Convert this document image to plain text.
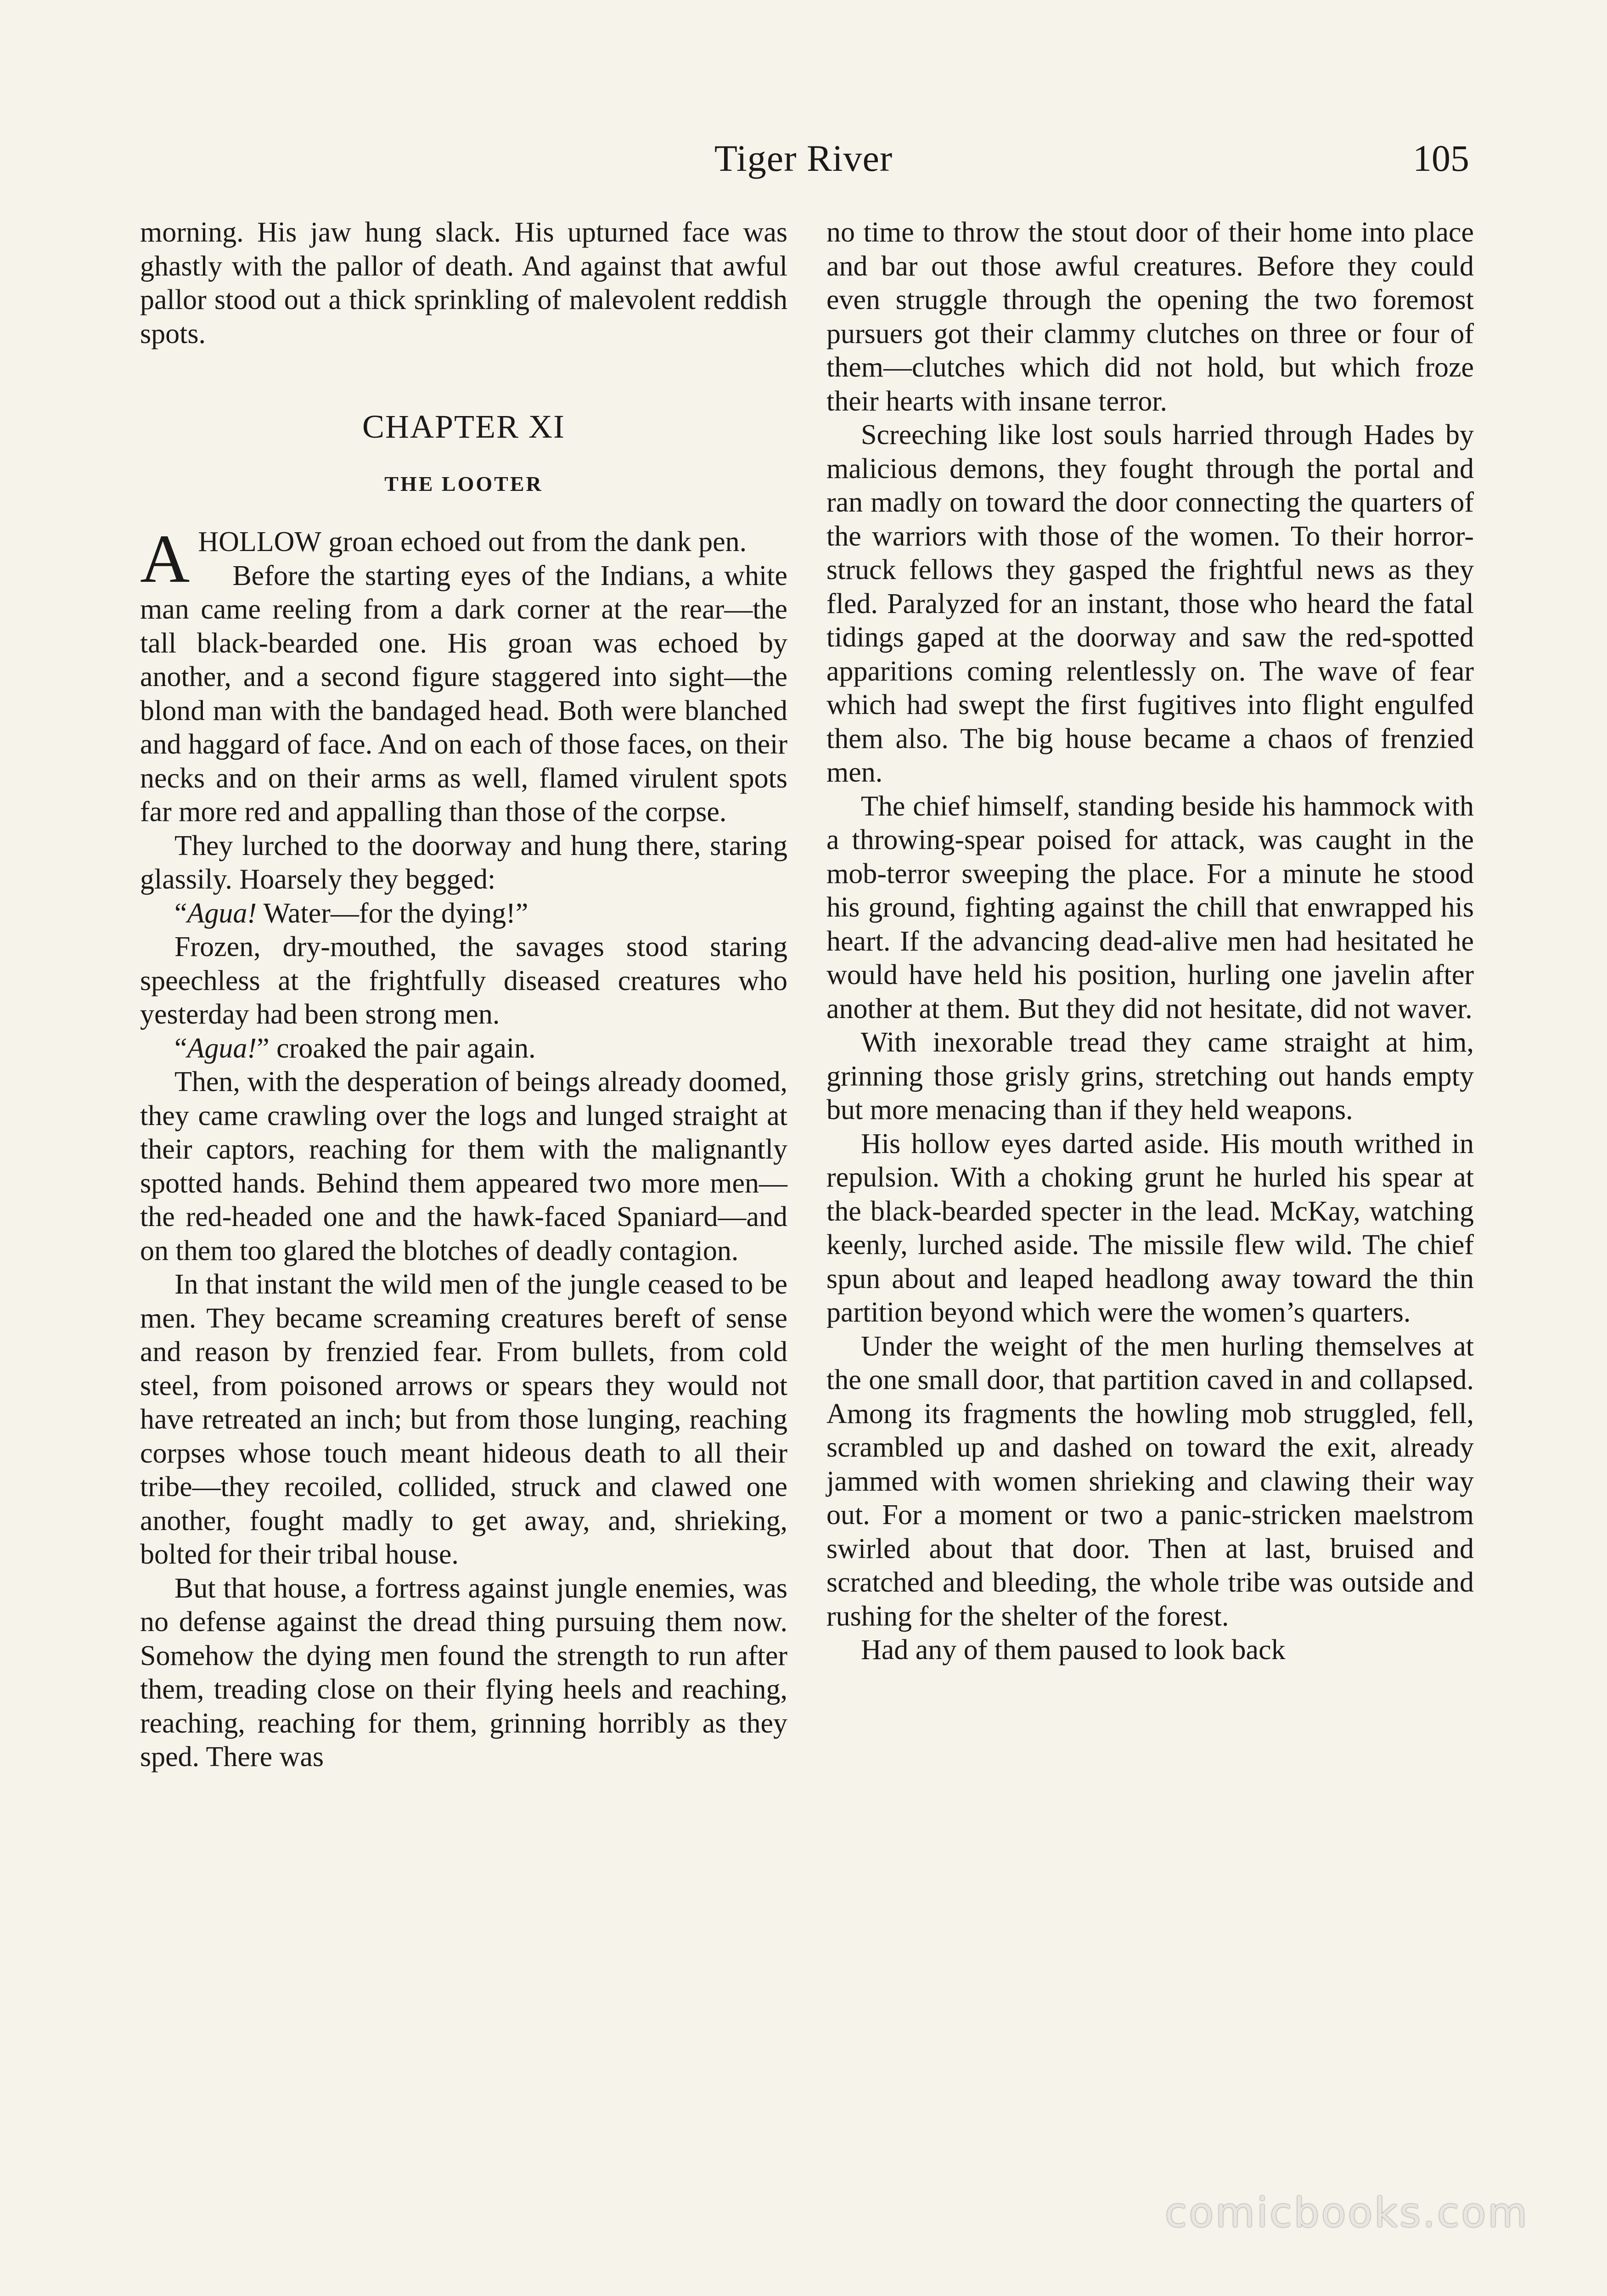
Tiger River	105

morning. His jaw hung slack. His upturned face was ghastly with the pallor of death. And against that awful pallor stood out a thick sprinkling of malevolent reddish spots.

CHAPTER XI
THE LOOTER

AHOLLOW groan echoed out from the dank pen.

Before the starting eyes of the Indians, a white man came reeling from a dark corner at the rear—the tall black-bearded one. His groan was echoed by another, and a second figure staggered into sight—the blond man with the bandaged head. Both were blanched and haggard of face. And on each of those faces, on their necks and on their arms as well, flamed virulent spots far more red and appalling than those of the corpse.

They lurched to the doorway and hung there, staring glassily. Hoarsely they begged:

“Agua! Water—for the dying!”

Frozen, dry-mouthed, the savages stood staring speechless at the frightfully diseased creatures who yesterday had been strong men.

“Agua!” croaked the pair again.

Then, with the desperation of beings already doomed, they came crawling over the logs and lunged straight at their captors, reaching for them with the malignantly spotted hands. Behind them appeared two more men—the red-headed one and the hawk-faced Spaniard—and on them too glared the blotches of deadly contagion.

In that instant the wild men of the jungle ceased to be men. They became screaming creatures bereft of sense and reason by frenzied fear. From bullets, from cold steel, from poisoned arrows or spears they would not have retreated an inch; but from those lunging, reaching corpses whose touch meant hideous death to all their tribe—they recoiled, collided, struck and clawed one another, fought madly to get away, and, shrieking, bolted for their tribal house.

But that house, a fortress against jungle enemies, was no defense against the dread thing pursuing them now. Somehow the dying men found the strength to run after them, treading close on their flying heels and reaching, reaching, reaching for them, grinning horribly as they sped. There was

no time to throw the stout door of their home into place and bar out those awful creatures. Before they could even struggle through the opening the two foremost pursuers got their clammy clutches on three or four of them—clutches which did not hold, but which froze their hearts with insane terror.

Screeching like lost souls harried through Hades by malicious demons, they fought through the portal and ran madly on toward the door connecting the quarters of the warriors with those of the women. To their horror-struck fellows they gasped the frightful news as they fled. Paralyzed for an instant, those who heard the fatal tidings gaped at the doorway and saw the red-spotted apparitions coming relentlessly on. The wave of fear which had swept the first fugitives into flight engulfed them also. The big house became a chaos of frenzied men.

The chief himself, standing beside his hammock with a throwing-spear poised for attack, was caught in the mob-terror sweeping the place. For a minute he stood his ground, fighting against the chill that enwrapped his heart. If the advancing dead-alive men had hesitated he would have held his position, hurling one javelin after another at them. But they did not hesitate, did not waver.

With inexorable tread they came straight at him, grinning those grisly grins, stretching out hands empty but more menacing than if they held weapons.

His hollow eyes darted aside. His mouth writhed in repulsion. With a choking grunt he hurled his spear at the black-bearded specter in the lead. McKay, watching keenly, lurched aside. The missile flew wild. The chief spun about and leaped headlong away toward the thin partition beyond which were the women’s quarters.

Under the weight of the men hurling themselves at the one small door, that partition caved in and collapsed. Among its fragments the howling mob struggled, fell, scrambled up and dashed on toward the exit, already jammed with women shrieking and clawing their way out. For a moment or two a panic-stricken maelstrom swirled about that door. Then at last, bruised and scratched and bleeding, the whole tribe was outside and rushing for the shelter of the forest.

Had any of them paused to look back

comicbooks.com
